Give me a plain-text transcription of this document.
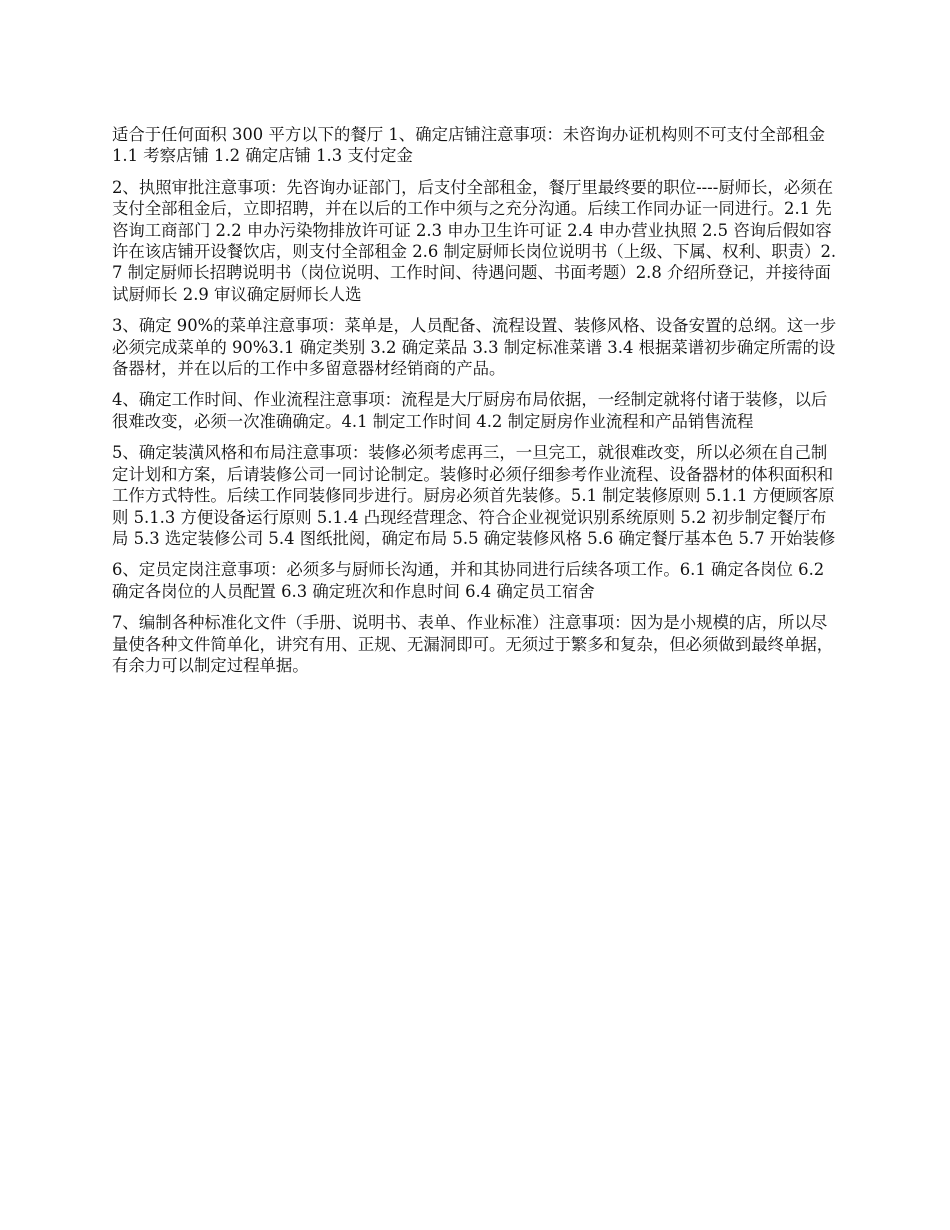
适合于任何面积 300 平方以下的餐厅 1、确定店铺注意事项：未咨询办证机构则不可支付全部租金 1.1 考察店铺 1.2 确定店铺 1.3 支付定金

2、执照审批注意事项：先咨询办证部门，后支付全部租金，餐厅里最终要的职位----厨师长，必须在支付全部租金后，立即招聘，并在以后的工作中须与之充分沟通。后续工作同办证一同进行。2.1 先咨询工商部门 2.2 申办污染物排放许可证 2.3 申办卫生许可证 2.4 申办营业执照 2.5 咨询后假如容许在该店铺开设餐饮店，则支付全部租金 2.6 制定厨师长岗位说明书（上级、下属、权利、职责）2.7 制定厨师长招聘说明书（岗位说明、工作时间、待遇问题、书面考题）2.8 介绍所登记，并接待面试厨师长 2.9 审议确定厨师长人选

3、确定 90%的菜单注意事项：菜单是，人员配备、流程设置、装修风格、设备安置的总纲。这一步必须完成菜单的 90%3.1 确定类别 3.2 确定菜品 3.3 制定标准菜谱 3.4 根据菜谱初步确定所需的设备器材，并在以后的工作中多留意器材经销商的产品。

4、确定工作时间、作业流程注意事项：流程是大厅厨房布局依据，一经制定就将付诸于装修，以后很难改变，必须一次准确确定。4.1 制定工作时间 4.2 制定厨房作业流程和产品销售流程

5、确定装潢风格和布局注意事项：装修必须考虑再三，一旦完工，就很难改变，所以必须在自己制定计划和方案，后请装修公司一同讨论制定。装修时必须仔细参考作业流程、设备器材的体积面积和工作方式特性。后续工作同装修同步进行。厨房必须首先装修。5.1 制定装修原则 5.1.1 方便顾客原则 5.1.3 方便设备运行原则 5.1.4 凸现经营理念、符合企业视觉识别系统原则 5.2 初步制定餐厅布局 5.3 选定装修公司 5.4 图纸批阅，确定布局 5.5 确定装修风格 5.6 确定餐厅基本色 5.7 开始装修

6、定员定岗注意事项：必须多与厨师长沟通，并和其协同进行后续各项工作。6.1 确定各岗位 6.2 确定各岗位的人员配置 6.3 确定班次和作息时间 6.4 确定员工宿舍

7、编制各种标准化文件（手册、说明书、表单、作业标准）注意事项：因为是小规模的店，所以尽量使各种文件简单化，讲究有用、正规、无漏洞即可。无须过于繁多和复杂，但必须做到最终单据，有余力可以制定过程单据。
